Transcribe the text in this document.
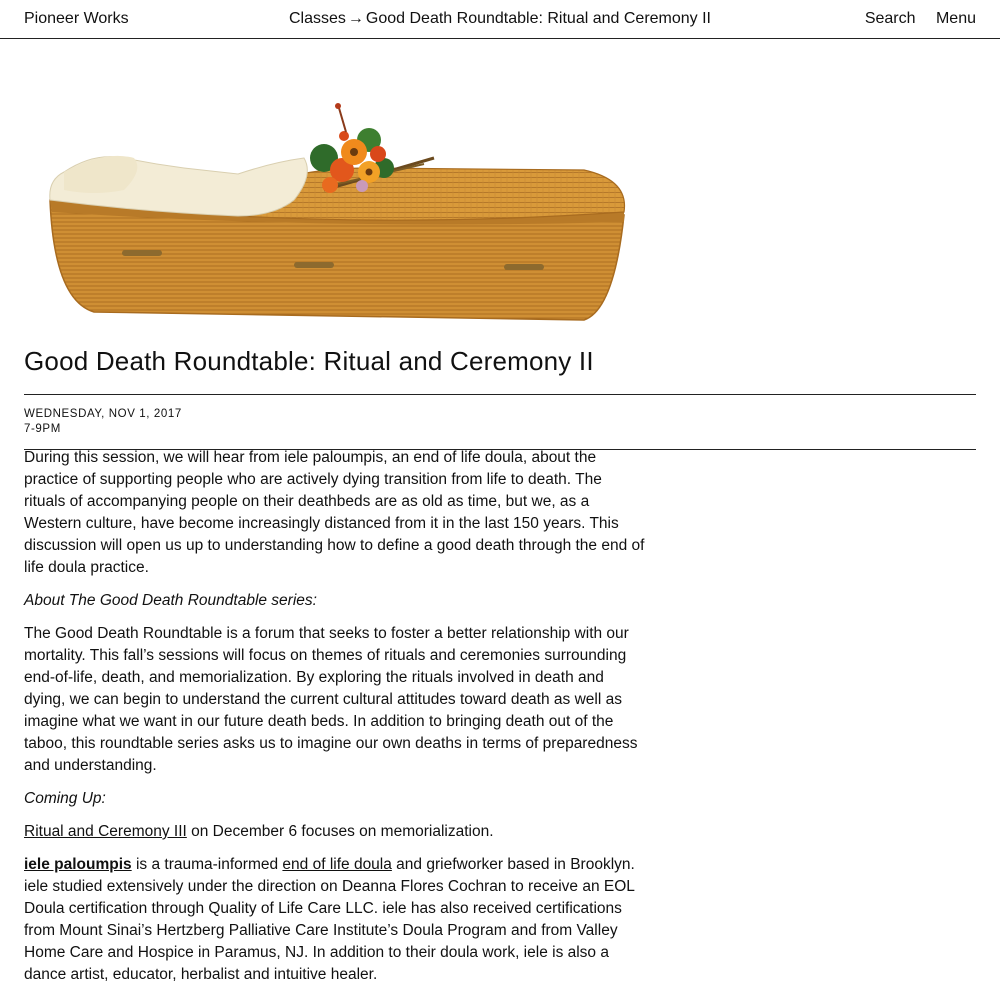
Pioneer Works	Classes → Good Death Roundtable: Ritual and Ceremony II	Search Menu
Good Death Roundtable: Ritual and Ceremony II
WEDNESDAY, NOV 1, 2017
7-9PM

During this session, we will hear from iele paloumpis, an end of life doula, about the practice of supporting people who are actively dying transition from life to death. The rituals of accompanying people on their deathbeds are as old as time, but we, as a Western culture, have become increasingly distanced from it in the last 150 years. This discussion will open us up to understanding how to define a good death through the end of life doula practice.

About The Good Death Roundtable series:

The Good Death Roundtable is a forum that seeks to foster a better relationship with our mortality. This fall’s sessions will focus on themes of rituals and ceremonies surrounding end-of-life, death, and memorialization. By exploring the rituals involved in death and dying, we can begin to understand the current cultural attitudes toward death as well as imagine what we want in our future death beds. In addition to bringing death out of the taboo, this roundtable series asks us to imagine our own deaths in terms of preparedness and understanding.

Coming Up:

Ritual and Ceremony III on December 6 focuses on memorialization.

iele paloumpis is a trauma-informed end of life doula and griefworker based in Brooklyn. iele studied extensively under the direction on Deanna Flores Cochran to receive an EOL Doula certification through Quality of Life Care LLC. iele has also received certifications from Mount Sinai’s Hertzberg Palliative Care Institute’s Doula Program and from Valley Home Care and Hospice in Paramus, NJ. In addition to their doula work, iele is also a dance artist, educator, herbalist and intuitive healer.
